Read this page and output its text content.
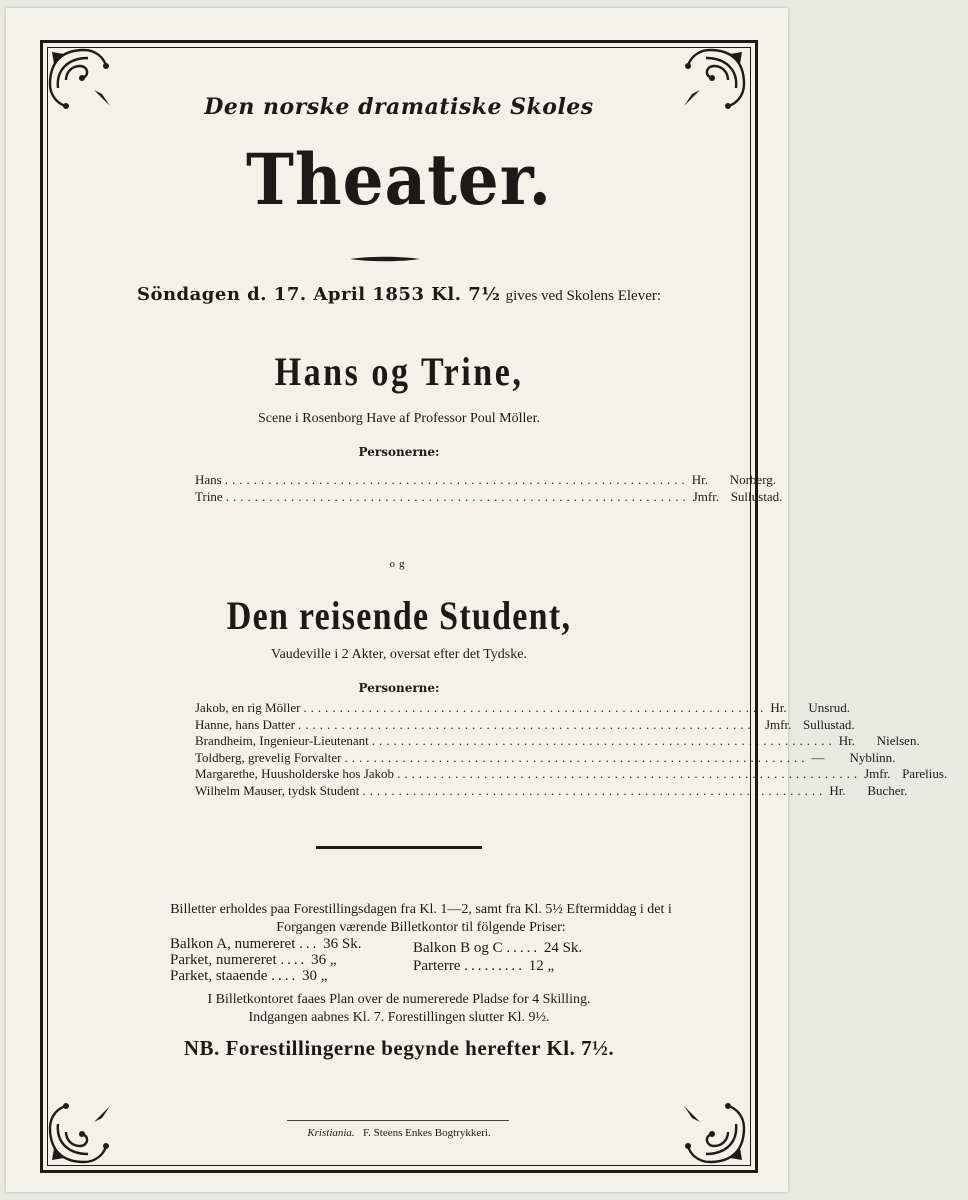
Den norske dramatiske Skoles
Theater.
Söndagen d. 17. April 1853 Kl. 7½ gives ved Skolens Elever:
Hans og Trine,
Scene i Rosenborg Have af Professor Poul Möller.
Personerne:
Hans ................................................................ Hr.	Norberg.
Trine ................................................................ Jmfr. Sullustad.
og
Den reisende Student,
Vaudeville i 2 Akter, oversat efter det Tydske.
Personerne:
Jakob, en rig Möller ................................................................ Hr.	Unsrud.
Hanne, hans Datter ................................................................ Jmfr. Sullustad.
Brandheim, Ingenieur-Lieutenant ................................................................ Hr.	Nielsen.
Toldberg, grevelig Forvalter ................................................................ —	Nyblinn.
Margarethe, Huusholderske hos Jakob ................................................................ Jmfr. Parelius.
Wilhelm Mauser, tydsk Student ................................................................ Hr.	Bucher.
Billetter erholdes paa Forestillingsdagen fra Kl. 1—2, samt fra Kl. 5½ Eftermiddag i det i
Forgangen værende Billetkontor til fölgende Priser:
Balkon A, numereret ... 36 Sk.
Parket, numereret .... 36 „
Parket, staaende .... 30 „
Balkon B og C ..... 24 Sk.
Parterre ......... 12 „
I Billetkontoret faaes Plan over de numererede Pladse for 4 Skilling.
Indgangen aabnes Kl. 7. Forestillingen slutter Kl. 9½.
NB. Forestillingerne begynde herefter Kl. 7½.
Kristiania. F. Steens Enkes Bogtrykkeri.
